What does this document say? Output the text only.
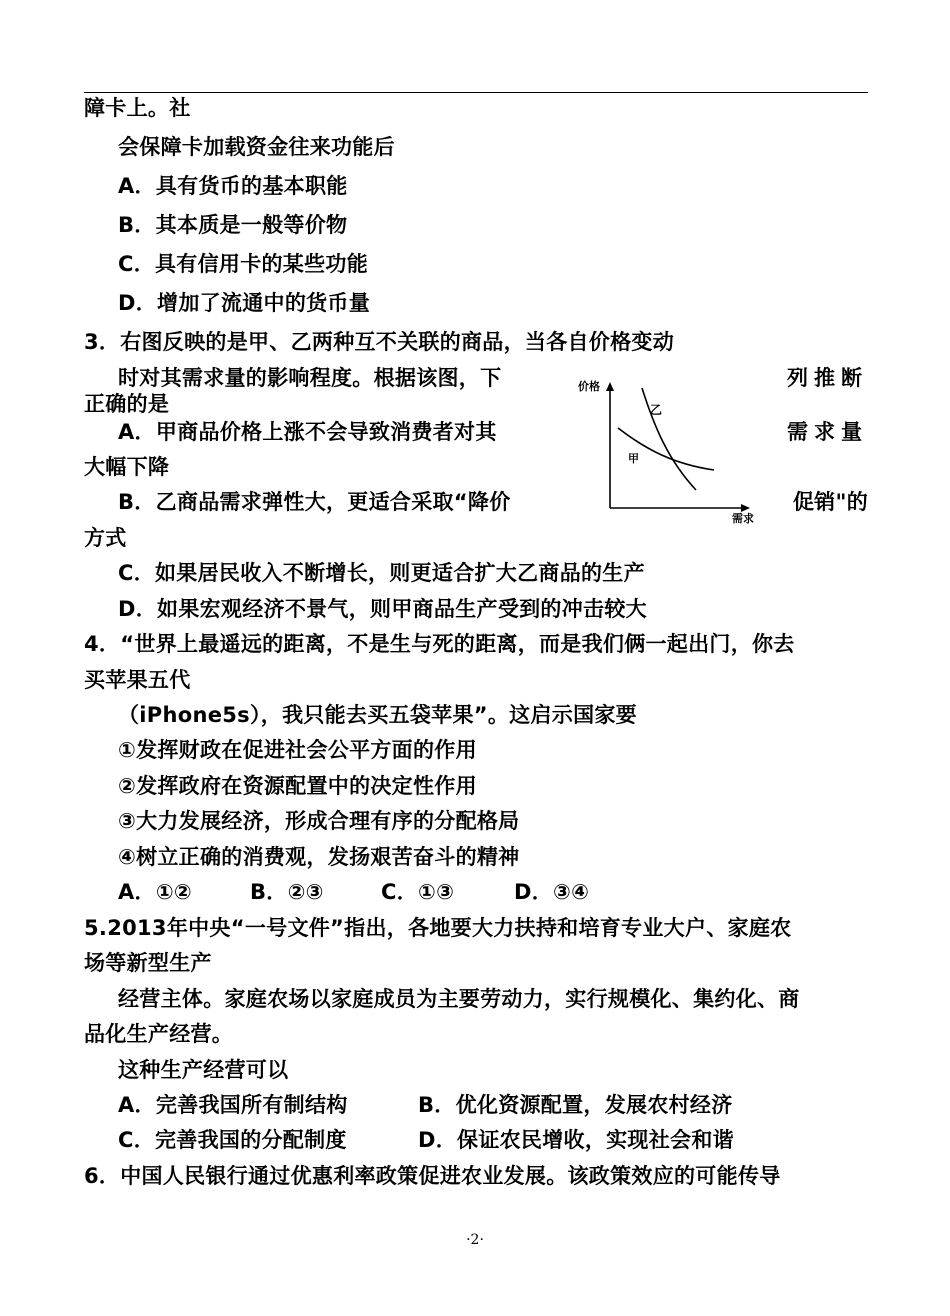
障卡上。社
会保障卡加载资金往来功能后
A．具有货币的基本职能
B．其本质是一般等价物
C．具有信用卡的某些功能
D．增加了流通中的货币量
3．右图反映的是甲、乙两种互不关联的商品，当各自价格变动
时对其需求量的影响程度。根据该图，下	列推断
正确的是
A．甲商品价格上涨不会导致消费者对其	需求量
大幅下降
B．乙商品需求弹性大，更适合采取“降价	促销"的
方式
C．如果居民收入不断增长，则更适合扩大乙商品的生产
D．如果宏观经济不景气，则甲商品生产受到的冲击较大
价格
需求
乙
甲
4．“世界上最遥远的距离，不是生与死的距离，而是我们俩一起出门，你去
买苹果五代
（iPhone5s），我只能去买五袋苹果”。这启示国家要
①发挥财政在促进社会公平方面的作用
②发挥政府在资源配置中的决定性作用
③大力发展经济，形成合理有序的分配格局
④树立正确的消费观，发扬艰苦奋斗的精神
A．①②	B．②③	C．①③	D．③④
5.2013年中央“一号文件”指出，各地要大力扶持和培育专业大户、家庭农
场等新型生产
经营主体。家庭农场以家庭成员为主要劳动力，实行规模化、集约化、商
品化生产经营。
这种生产经营可以
A．完善我国所有制结构	B．优化资源配置，发展农村经济
C．完善我国的分配制度	D．保证农民增收，实现社会和谐
6．中国人民银行通过优惠利率政策促进农业发展。该政策效应的可能传导
·2·
